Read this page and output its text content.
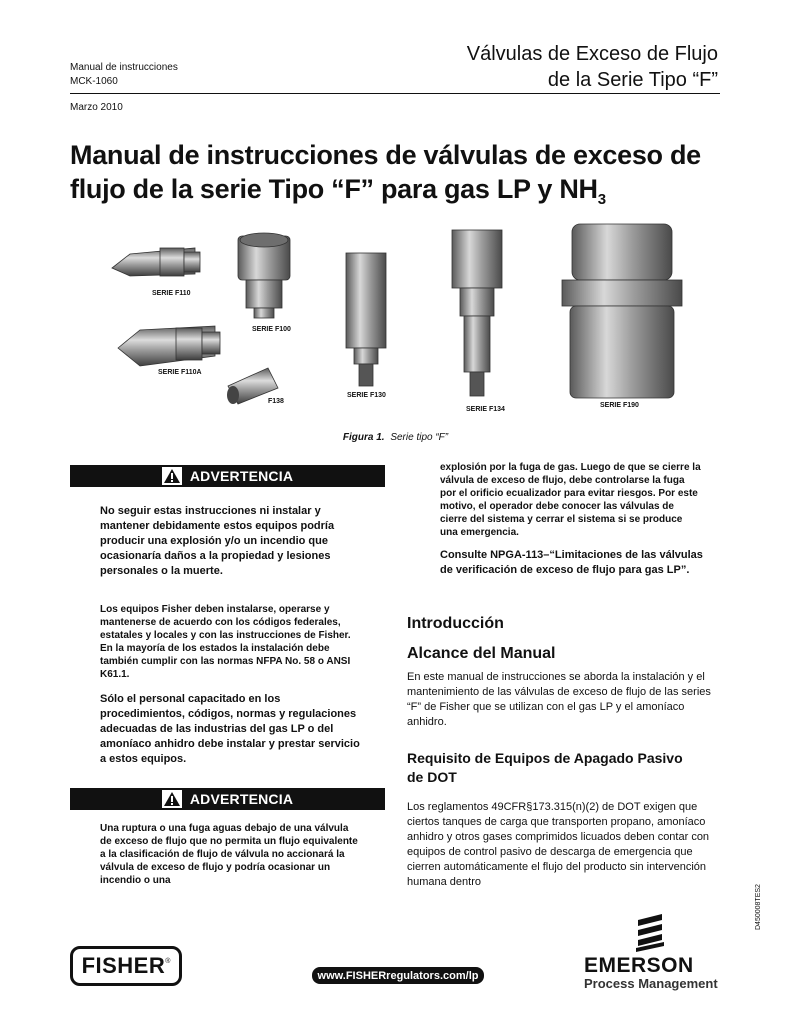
Manual de instrucciones
MCK-1060
Válvulas de Exceso de Flujo
de la Serie Tipo “F”
Marzo 2010
Manual de instrucciones de válvulas de exceso de
flujo de la serie Tipo “F” para gas LP y $NH_3$
SERIE F110
SERIE F100
SERIE F110A
F138
SERIE F130
SERIE F134
SERIE F190
Figura 1. Serie tipo “F”
ADVERTENCIA
No seguir estas instrucciones ni instalar y mantener debidamente estos equipos podría producir una explosión y/o un incendio que ocasionaría daños a la propiedad y lesiones personales o la muerte.
Los equipos Fisher deben instalarse, operarse y mantenerse de acuerdo con los códigos federales, estatales y locales y con las instrucciones de Fisher. En la mayoría de los estados la instalación debe también cumplir con las normas NFPA No. 58 o ANSI K61.1.
Sólo el personal capacitado en los procedimientos, códigos, normas y regulaciones adecuadas de las industrias del gas LP o del amoníaco anhidro debe instalar y prestar servicio a estos equipos.
ADVERTENCIA
Una ruptura o una fuga aguas debajo de una válvula de exceso de flujo que no permita un flujo equivalente a la clasificación de flujo de válvula no accionará la válvula de exceso de flujo y podría ocasionar un incendio o una
explosión por la fuga de gas. Luego de que se cierre la válvula de exceso de flujo, debe controlarse la fuga por el orificio ecualizador para evitar riesgos. Por este motivo, el operador debe conocer las válvulas de cierre del sistema y cerrar el sistema si se produce una emergencia.
Consulte NPGA-113–“Limitaciones de las válvulas de verificación de exceso de flujo para gas LP”.
Introducción
Alcance del Manual
En este manual de instrucciones se aborda la instalación y el mantenimiento de las válvulas de exceso de flujo de las series “F” de Fisher que se utilizan con el gas LP y el amoníaco anhidro.
Requisito de Equipos de Apagado Pasivo de DOT
Los reglamentos 49CFR§173.315(n)(2) de DOT exigen que ciertos tanques de carga que transporten propano, amoníaco anhidro y otros gases comprimidos licuados deben contar con equipos de control pasivo de descarga de emergencia que cierren automáticamente el flujo del producto sin intervención humana dentro
D450008TES2
FISHER ®
www.FISHERregulators.com/lp	EMERSON
Process Management
